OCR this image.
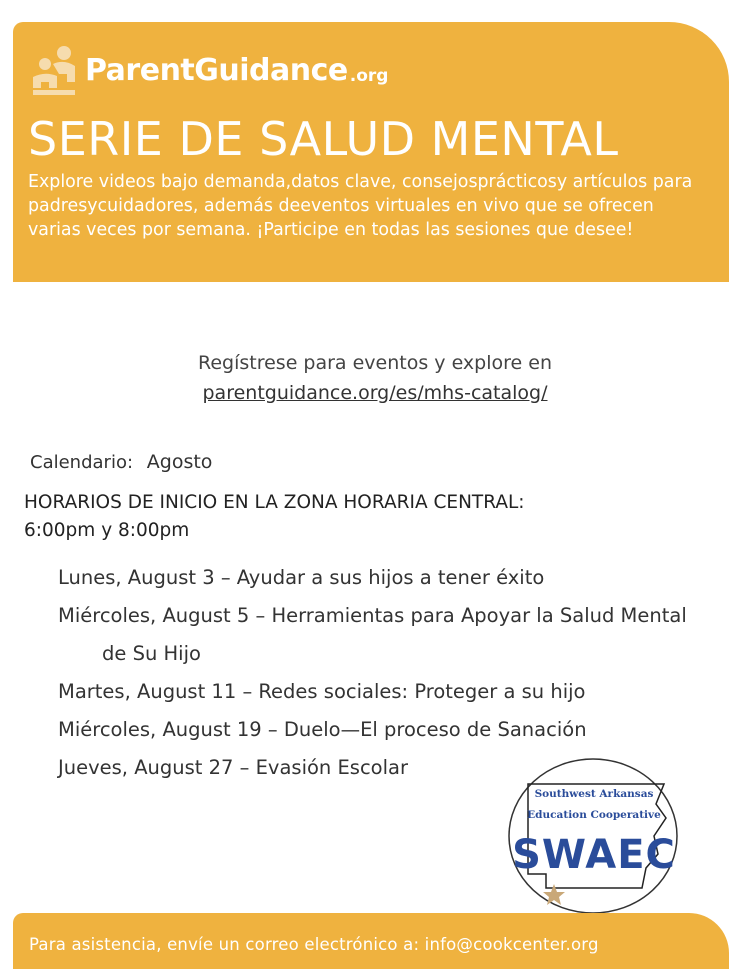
ParentGuidance .org
SERIE DE SALUD MENTAL
Explore videos bajo demanda,datos clave, consejosprácticosy artículos para padresycuidadores, además deeventos virtuales en vivo que se ofrecen varias veces por semana. ¡Participe en todas las sesiones que desee!
Regístrese para eventos y explore en
parentguidance.org/es/mhs-catalog/
Calendario: Agosto
HORARIOS DE INICIO EN LA ZONA HORARIA CENTRAL:
6:00pm y 8:00pm
Lunes, August 3 – Ayudar a sus hijos a tener éxito
Miércoles, August 5 – Herramientas para Apoyar la Salud Mental
de Su Hijo
Martes, August 11 – Redes sociales: Proteger a su hijo
Miércoles, August 19 – Duelo—El proceso de Sanación
Jueves, August 27 – Evasión Escolar
Southwest Arkansas
Education Cooperative
SWAEC
Para asistencia, envíe un correo electrónico a: info@cookcenter.org
